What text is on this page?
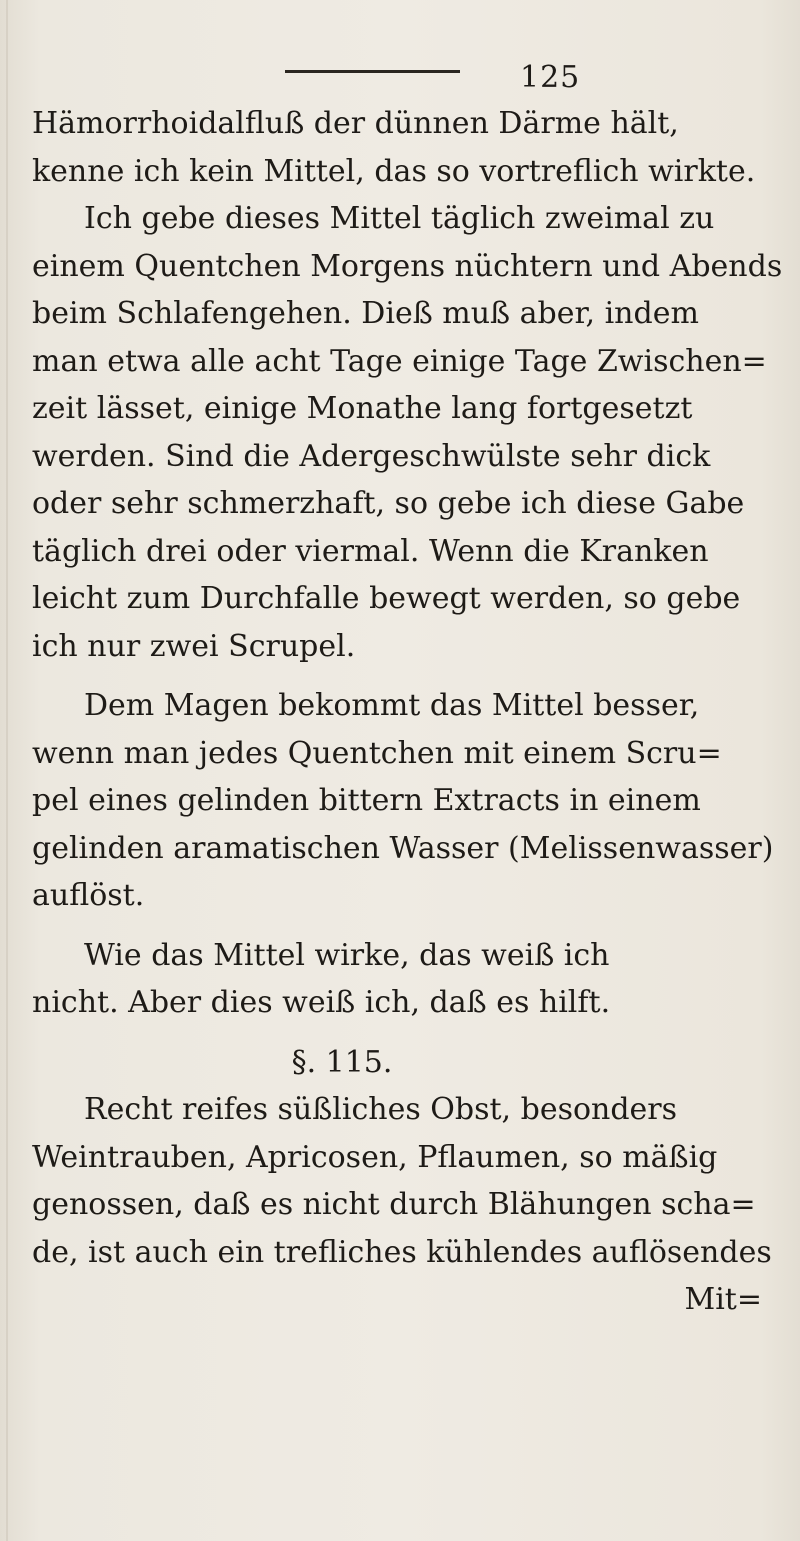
125
Hämorrhoidalfluß der dünnen Därme hält,
kenne ich kein Mittel, das so vortreflich wirkte.
Ich gebe dieses Mittel täglich zweimal zu
einem Quentchen Morgens nüchtern und Abends
beim Schlafengehen. Dieß muß aber, indem
man etwa alle acht Tage einige Tage Zwischen=
zeit lässet, einige Monathe lang fortgesetzt
werden. Sind die Adergeschwülste sehr dick
oder sehr schmerzhaft, so gebe ich diese Gabe
täglich drei oder viermal. Wenn die Kranken
leicht zum Durchfalle bewegt werden, so gebe
ich nur zwei Scrupel.
Dem Magen bekommt das Mittel besser,
wenn man jedes Quentchen mit einem Scru=
pel eines gelinden bittern Extracts in einem
gelinden aramatischen Wasser (Melissenwasser)
auflöst.
Wie das Mittel wirke, das weiß ich
nicht. Aber dies weiß ich, daß es hilft.
§. 115.
Recht reifes süßliches Obst, besonders
Weintrauben, Apricosen, Pflaumen, so mäßig
genossen, daß es nicht durch Blähungen scha=
de, ist auch ein trefliches kühlendes auflösendes
Mit=
